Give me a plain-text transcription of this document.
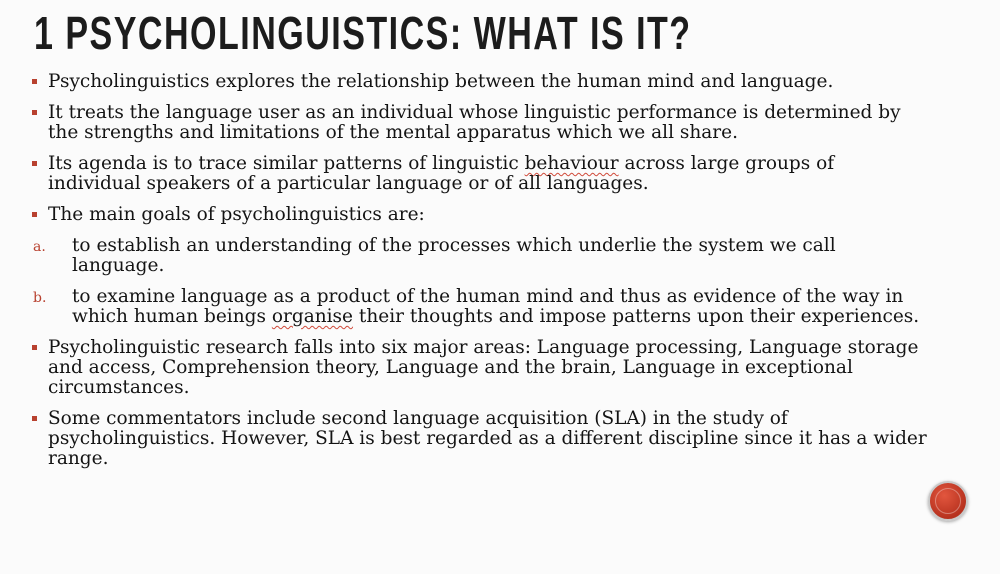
1 PSYCHOLINGUISTICS: WHAT IS IT?
Psycholinguistics explores the relationship between the human mind and language.
It treats the language user as an individual whose linguistic performance is determined by the strengths and limitations of the mental apparatus which we all share.
Its agenda is to trace similar patterns of linguistic behaviour across large groups of individual speakers of a particular language or of all languages.
The main goals of psycholinguistics are:
a. to establish an understanding of the processes which underlie the system we call language.
b. to examine language as a product of the human mind and thus as evidence of the way in which human beings organise their thoughts and impose patterns upon their experiences.
Psycholinguistic research falls into six major areas: Language processing, Language storage and access, Comprehension theory, Language and the brain, Language in exceptional circumstances.
Some commentators include second language acquisition (SLA) in the study of psycholinguistics. However, SLA is best regarded as a different discipline since it has a wider range.
